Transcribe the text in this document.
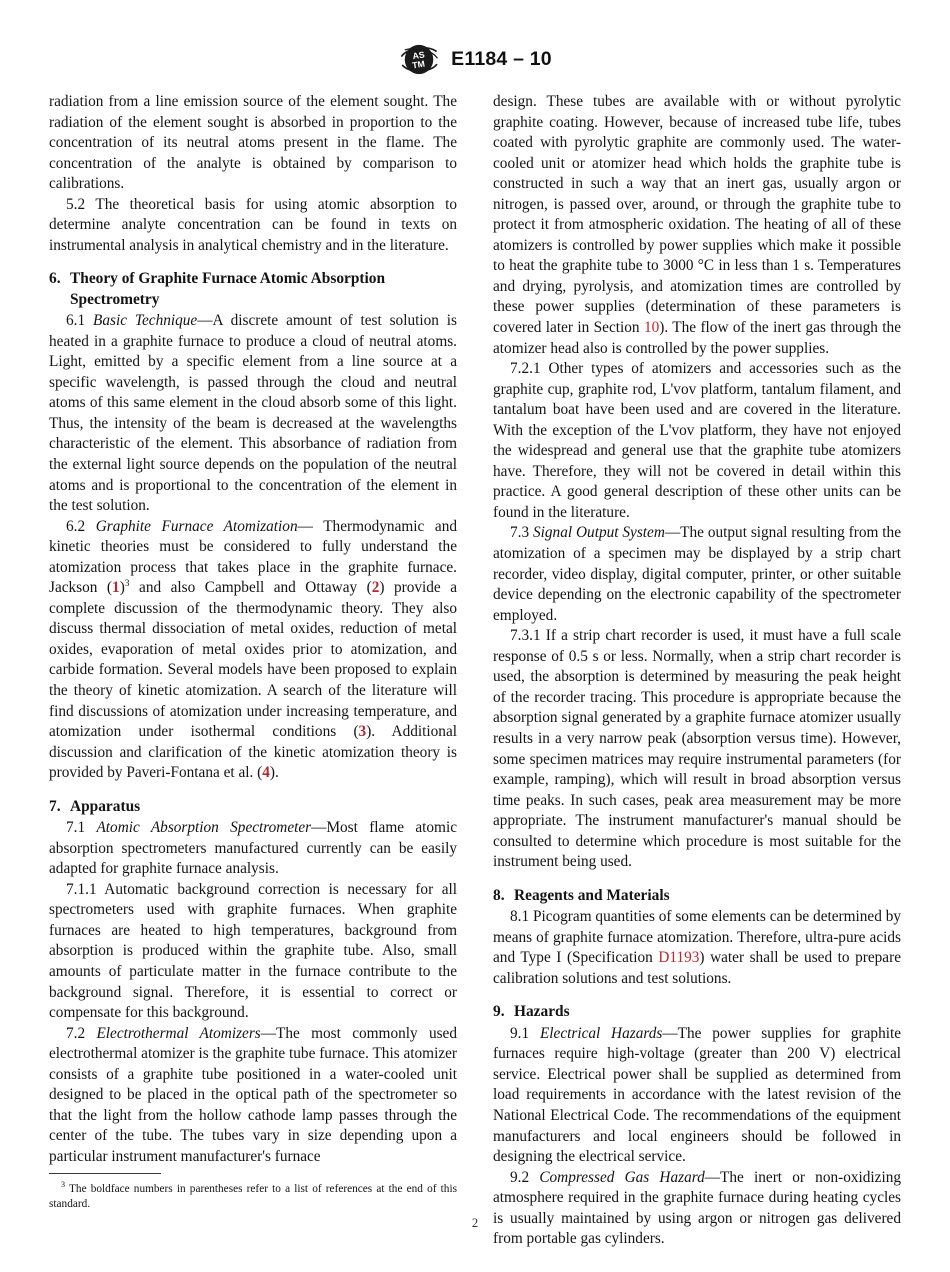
AS
TM E1184 – 10

radiation from a line emission source of the element sought. The radiation of the element sought is absorbed in proportion to the concentration of its neutral atoms present in the flame. The concentration of the analyte is obtained by comparison to calibrations.

5.2 The theoretical basis for using atomic absorption to determine analyte concentration can be found in texts on instrumental analysis in analytical chemistry and in the literature.

6. Theory of Graphite Furnace Atomic Absorption Spectrometry

6.1 Basic Technique—A discrete amount of test solution is heated in a graphite furnace to produce a cloud of neutral atoms. Light, emitted by a specific element from a line source at a specific wavelength, is passed through the cloud and neutral atoms of this same element in the cloud absorb some of this light. Thus, the intensity of the beam is decreased at the wavelengths characteristic of the element. This absorbance of radiation from the external light source depends on the population of the neutral atoms and is proportional to the concentration of the element in the test solution.

6.2 Graphite Furnace Atomization— Thermodynamic and kinetic theories must be considered to fully understand the atomization process that takes place in the graphite furnace. Jackson $(1)^3$ and also Campbell and Ottaway (2) provide a complete discussion of the thermodynamic theory. They also discuss thermal dissociation of metal oxides, reduction of metal oxides, evaporation of metal oxides prior to atomization, and carbide formation. Several models have been proposed to explain the theory of kinetic atomization. A search of the literature will find discussions of atomization under increasing temperature, and atomization under isothermal conditions (3). Additional discussion and clarification of the kinetic atomization theory is provided by Paveri-Fontana et al. (4).

7. Apparatus

7.1 Atomic Absorption Spectrometer—Most flame atomic absorption spectrometers manufactured currently can be easily adapted for graphite furnace analysis.

7.1.1 Automatic background correction is necessary for all spectrometers used with graphite furnaces. When graphite furnaces are heated to high temperatures, background from absorption is produced within the graphite tube. Also, small amounts of particulate matter in the furnace contribute to the background signal. Therefore, it is essential to correct or compensate for this background.

7.2 Electrothermal Atomizers—The most commonly used electrothermal atomizer is the graphite tube furnace. This atomizer consists of a graphite tube positioned in a water-cooled unit designed to be placed in the optical path of the spectrometer so that the light from the hollow cathode lamp passes through the center of the tube. The tubes vary in size depending upon a particular instrument manufacturer's furnace

$^3$ The boldface numbers in parentheses refer to a list of references at the end of this standard.

design. These tubes are available with or without pyrolytic graphite coating. However, because of increased tube life, tubes coated with pyrolytic graphite are commonly used. The water- cooled unit or atomizer head which holds the graphite tube is constructed in such a way that an inert gas, usually argon or nitrogen, is passed over, around, or through the graphite tube to protect it from atmospheric oxidation. The heating of all of these atomizers is controlled by power supplies which make it possible to heat the graphite tube to 3000 °C in less than 1 s. Temperatures and drying, pyrolysis, and atomization times are controlled by these power supplies (determination of these parameters is covered later in Section 10). The flow of the inert gas through the atomizer head also is controlled by the power supplies.

7.2.1 Other types of atomizers and accessories such as the graphite cup, graphite rod, L'vov platform, tantalum filament, and tantalum boat have been used and are covered in the literature. With the exception of the L'vov platform, they have not enjoyed the widespread and general use that the graphite tube atomizers have. Therefore, they will not be covered in detail within this practice. A good general description of these other units can be found in the literature.

7.3 Signal Output System—The output signal resulting from the atomization of a specimen may be displayed by a strip chart recorder, video display, digital computer, printer, or other suitable device depending on the electronic capability of the spectrometer employed.

7.3.1 If a strip chart recorder is used, it must have a full scale response of 0.5 s or less. Normally, when a strip chart recorder is used, the absorption is determined by measuring the peak height of the recorder tracing. This procedure is appropriate because the absorption signal generated by a graphite furnace atomizer usually results in a very narrow peak (absorption versus time). However, some specimen matrices may require instrumental parameters (for example, ramping), which will result in broad absorption versus time peaks. In such cases, peak area measurement may be more appropriate. The instrument manufacturer's manual should be consulted to determine which procedure is most suitable for the instrument being used.

8. Reagents and Materials

8.1 Picogram quantities of some elements can be determined by means of graphite furnace atomization. Therefore, ultra-pure acids and Type I (Specification D1193) water shall be used to prepare calibration solutions and test solutions.

9. Hazards

9.1 Electrical Hazards—The power supplies for graphite furnaces require high-voltage (greater than 200 V) electrical service. Electrical power shall be supplied as determined from load requirements in accordance with the latest revision of the National Electrical Code. The recommendations of the equipment manufacturers and local engineers should be followed in designing the electrical service.

9.2 Compressed Gas Hazard—The inert or non-oxidizing atmosphere required in the graphite furnace during heating cycles is usually maintained by using argon or nitrogen gas delivered from portable gas cylinders.

2
